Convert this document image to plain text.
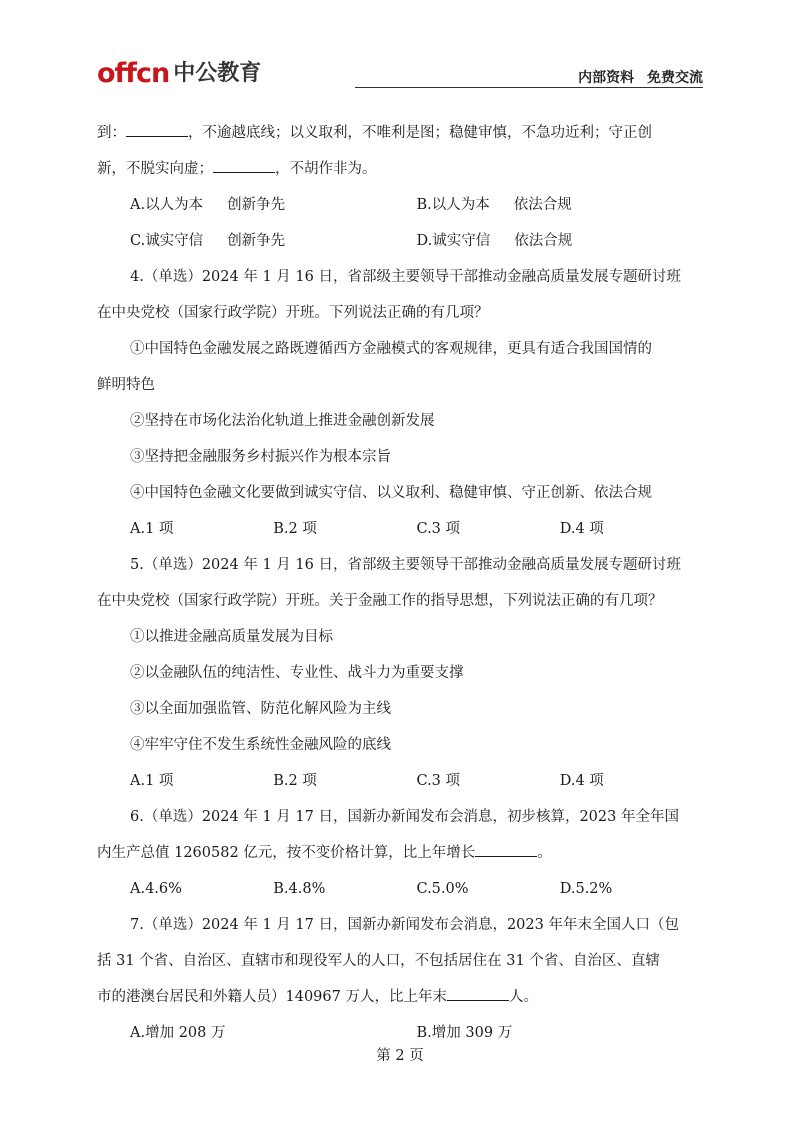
offcn 中公教育	内部资料 免费交流
到：	，不逾越底线；以义取利，不唯利是图；稳健审慎，不急功近利；守正创
新，不脱实向虚；	，不胡作非为。
A.以人为本 创新争先	B.以人为本 依法合规
C.诚实守信 创新争先	D.诚实守信 依法合规
4.（单选）2024 年 1 月 16 日，省部级主要领导干部推动金融高质量发展专题研讨班
在中央党校（国家行政学院）开班。下列说法正确的有几项？
①中国特色金融发展之路既遵循西方金融模式的客观规律，更具有适合我国国情的
鲜明特色
②坚持在市场化法治化轨道上推进金融创新发展
③坚持把金融服务乡村振兴作为根本宗旨
④中国特色金融文化要做到诚实守信、以义取利、稳健审慎、守正创新、依法合规
A.1 项	B.2 项	C.3 项	D.4 项
5.（单选）2024 年 1 月 16 日，省部级主要领导干部推动金融高质量发展专题研讨班
在中央党校（国家行政学院）开班。关于金融工作的指导思想，下列说法正确的有几项？
①以推进金融高质量发展为目标
②以金融队伍的纯洁性、专业性、战斗力为重要支撑
③以全面加强监管、防范化解风险为主线
④牢牢守住不发生系统性金融风险的底线
A.1 项	B.2 项	C.3 项	D.4 项
6.（单选）2024 年 1 月 17 日，国新办新闻发布会消息，初步核算，2023 年全年国
内生产总值 1260582 亿元，按不变价格计算，比上年增长	。
A.4.6%	B.4.8%	C.5.0%	D.5.2%
7.（单选）2024 年 1 月 17 日，国新办新闻发布会消息，2023 年年末全国人口（包
括 31 个省、自治区、直辖市和现役军人的人口，不包括居住在 31 个省、自治区、直辖
市的港澳台居民和外籍人员）140967 万人，比上年末	人。
A.增加 208 万	B.增加 309 万
第 2 页
